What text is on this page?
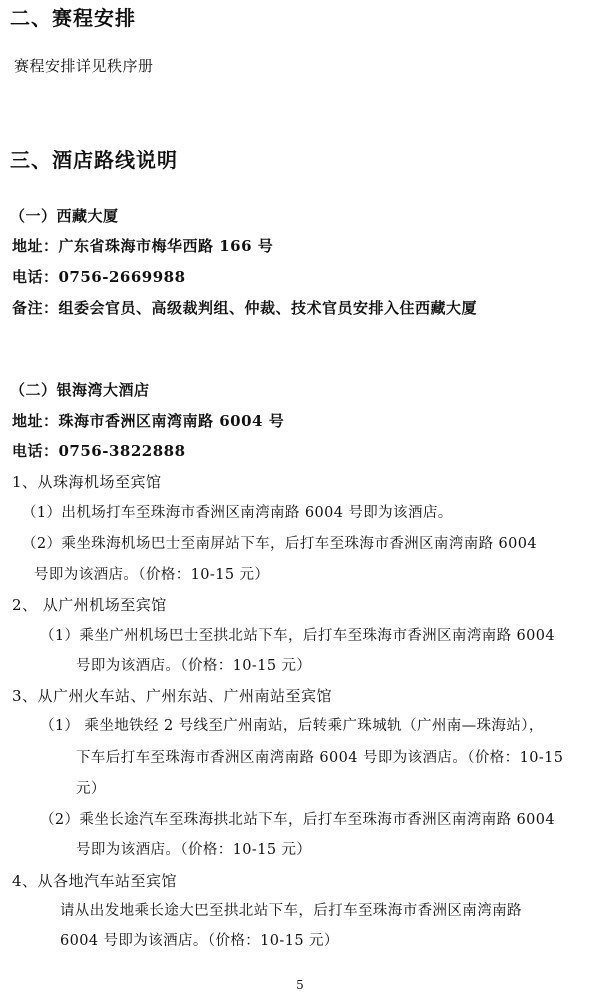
二、赛程安排
赛程安排详见秩序册
三、酒店路线说明
（一）西藏大厦
地址：广东省珠海市梅华西路 166 号
电话：0756-2669988
备注：组委会官员、高级裁判组、仲裁、技术官员安排入住西藏大厦
（二）银海湾大酒店
地址：珠海市香洲区南湾南路 6004 号
电话：0756-3822888
1、从珠海机场至宾馆
（1）出机场打车至珠海市香洲区南湾南路 6004 号即为该酒店。
（2）乘坐珠海机场巴士至南屏站下车，后打车至珠海市香洲区南湾南路 6004
号即为该酒店。（价格：10-15 元）
2、 从广州机场至宾馆
（1）乘坐广州机场巴士至拱北站下车，后打车至珠海市香洲区南湾南路 6004
号即为该酒店。（价格：10-15 元）
3、从广州火车站、广州东站、广州南站至宾馆
（1） 乘坐地铁经 2 号线至广州南站，后转乘广珠城轨（广州南—珠海站），
下车后打车至珠海市香洲区南湾南路 6004 号即为该酒店。（价格：10-15
元）
（2）乘坐长途汽车至珠海拱北站下车，后打车至珠海市香洲区南湾南路 6004
号即为该酒店。（价格：10-15 元）
4、从各地汽车站至宾馆
请从出发地乘长途大巴至拱北站下车，后打车至珠海市香洲区南湾南路
6004 号即为该酒店。（价格：10-15 元）
5
